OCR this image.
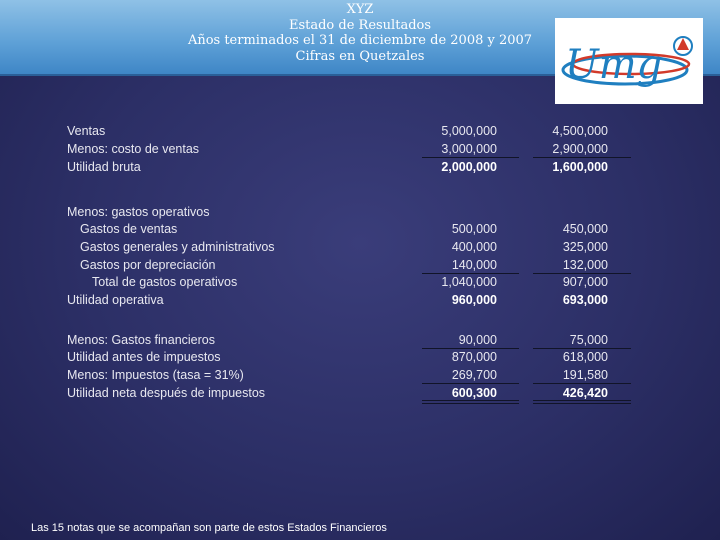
XYZ
Estado de Resultados
Años terminados el 31 de diciembre de 2008 y 2007
Cifras en Quetzales	Umg
Ventas
Menos: costo de ventas
Utilidad bruta
Menos: gastos operativos
Gastos de ventas
Gastos generales y administrativos
Gastos por depreciación
Total de gastos operativos
Utilidad operativa
Menos: Gastos financieros
Utilidad antes de impuestos
Menos: Impuestos (tasa = 31%)
Utilidad neta después de impuestos
5,000,000
3,000,000
2,000,000
500,000
400,000
140,000
1,040,000
960,000
90,000
870,000
269,700
600,300
4,500,000
2,900,000
1,600,000
450,000
325,000
132,000
907,000
693,000
75,000
618,000
191,580
426,420
Las 15 notas que se acompañan son parte de estos Estados Financieros
